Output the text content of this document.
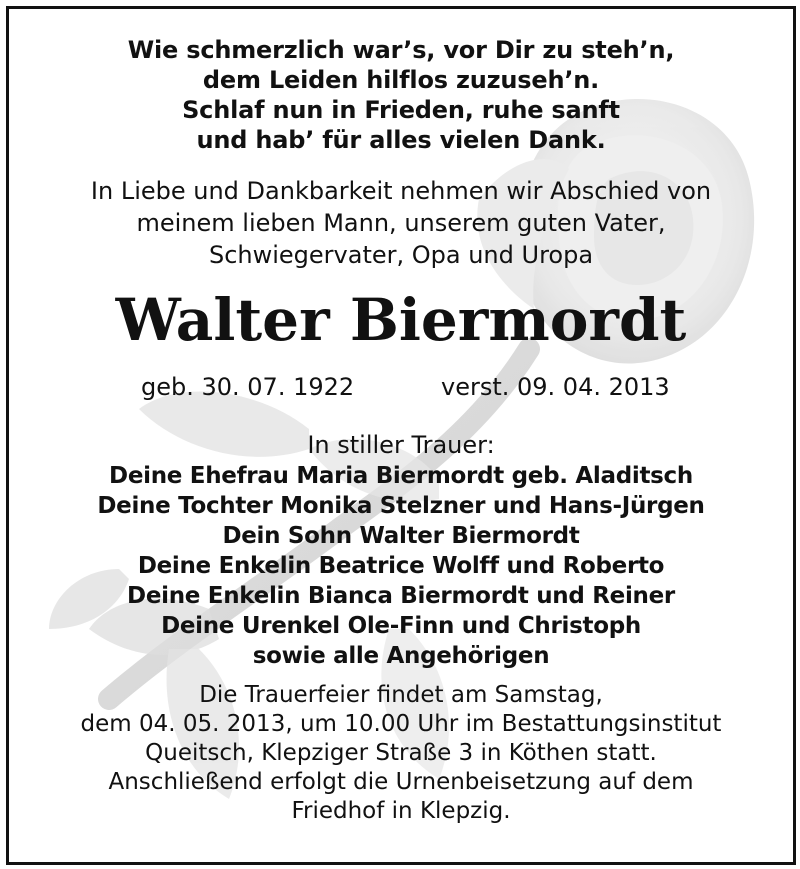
Wie schmerzlich war’s, vor Dir zu steh’n,
dem Leiden hilflos zuzuseh’n.
Schlaf nun in Frieden, ruhe sanft
und hab’ für alles vielen Dank.
In Liebe und Dankbarkeit nehmen wir Abschied von
meinem lieben Mann, unserem guten Vater,
Schwiegervater, Opa und Uropa
Walter Biermordt
geb. 30. 07. 1922	verst. 09. 04. 2013
In stiller Trauer:
Deine Ehefrau Maria Biermordt geb. Aladitsch
Deine Tochter Monika Stelzner und Hans-Jürgen
Dein Sohn Walter Biermordt
Deine Enkelin Beatrice Wolff und Roberto
Deine Enkelin Bianca Biermordt und Reiner
Deine Urenkel Ole-Finn und Christoph
sowie alle Angehörigen
Die Trauerfeier findet am Samstag,
dem 04. 05. 2013, um 10.00 Uhr im Bestattungsinstitut
Queitsch, Klepziger Straße 3 in Köthen statt.
Anschließend erfolgt die Urnenbeisetzung auf dem
Friedhof in Klepzig.
